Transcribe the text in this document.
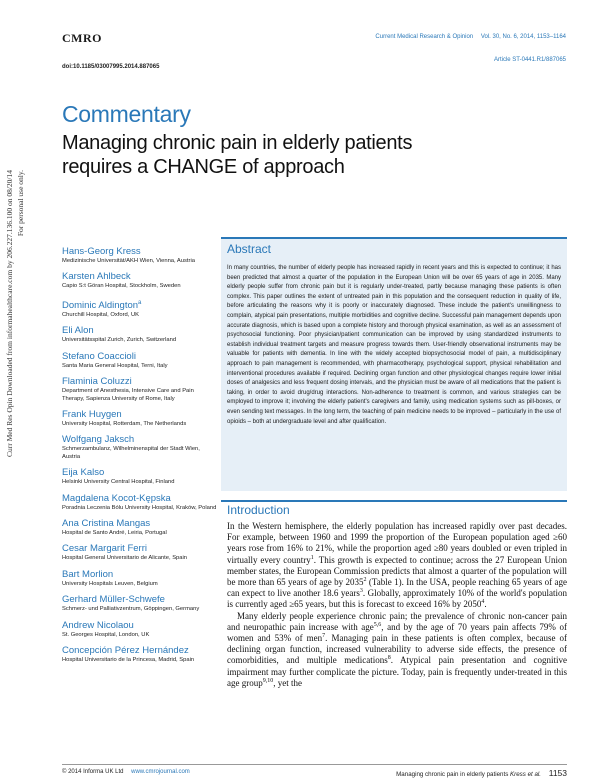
Curr Med Res Opin Downloaded from informahealthcare.com by 206.227.136.100 on 08/20/14 For personal use only.
CMRO	Current Medical Research & Opinion Vol. 30, No. 6, 2014, 1153–1164
Article ST-0441.R1/887065
doi:10.1185/03007995.2014.887065
Commentary
Managing chronic pain in elderly patients
requires a CHANGE of approach
Hans-Georg Kress
Medizinische Universität/AKH Wien, Vienna, Austria
Karsten Ahlbeck
Capio S:t Göran Hospital, Stockholm, Sweden
Dominic Aldington$^a$
Churchill Hospital, Oxford, UK
Eli Alon
Universitätsspital Zurich, Zurich, Switzerland
Stefano Coaccioli
Santa Maria General Hospital, Terni, Italy
Flaminia Coluzzi
Department of Anesthesia, Intensive Care and Pain Therapy, Sapienza University of Rome, Italy
Frank Huygen
University Hospital, Rotterdam, The Netherlands
Wolfgang Jaksch
Schmerzambulanz, Wilhelminenspital der Stadt Wien, Austria
Eija Kalso
Helsinki University Central Hospital, Finland
Magdalena Kocot-Kępska
Poradnia Leczenia Bólu University Hospital, Kraków, Poland
Ana Cristina Mangas
Hospital de Santo André, Leiria, Portugal
Cesar Margarit Ferri
Hospital General Universitario de Alicante, Spain
Bart Morlion
University Hospitals Leuven, Belgium
Gerhard Müller-Schwefe
Schmerz- und Palliativzentrum, Göppingen, Germany
Andrew Nicolaou
St. Georges Hospital, London, UK
Concepción Pérez Hernández
Hospital Universitario de la Princesa, Madrid, Spain
Abstract
In many countries, the number of elderly people has increased rapidly in recent years and this is expected to continue; it has been predicted that almost a quarter of the population in the European Union will be over 65 years of age in 2035. Many elderly people suffer from chronic pain but it is regularly under-treated, partly because managing these patients is often complex. This paper outlines the extent of untreated pain in this population and the consequent reduction in quality of life, before articulating the reasons why it is poorly or inaccurately diagnosed. These include the patient's unwillingness to complain, atypical pain presentations, multiple morbidities and cognitive decline. Successful pain management depends upon accurate diagnosis, which is based upon a complete history and thorough physical examination, as well as an assessment of psychosocial functioning. Poor physician/patient communication can be improved by using standardized instruments to establish individual treatment targets and measure progress towards them. User-friendly observational instruments may be valuable for patients with dementia. In line with the widely accepted biopsychosocial model of pain, a multidisciplinary approach to pain management is recommended, with pharmacotherapy, psychological support, physical rehabilitation and interventional procedures available if required. Declining organ function and other physiological changes require lower initial doses of analgesics and less frequent dosing intervals, and the physician must be aware of all medications that the patient is taking, in order to avoid drug/drug interactions. Non-adherence to treatment is common, and various strategies can be employed to improve it; involving the elderly patient's caregivers and family, using medication systems such as pill-boxes, or even sending text messages. In the long term, the teaching of pain medicine needs to be improved – particularly in the use of opioids – both at undergraduate level and after qualification.
Introduction

In the Western hemisphere, the elderly population has increased rapidly over past decades. For example, between 1960 and 1999 the proportion of the European population aged ≥60 years rose from 16% to 21%, while the proportion aged ≥80 years doubled or even tripled in virtually every country$^1$. This growth is expected to continue; across the 27 European Union member states, the European Commission predicts that almost a quarter of the population will be more than 65 years of age by 2035$^2$ (Table 1). In the USA, people reaching 65 years of age can expect to live another 18.6 years$^3$. Globally, approximately 10% of the world's population is currently aged ≥65 years, but this is forecast to exceed 16% by 2050$^4$.

Many elderly people experience chronic pain; the prevalence of chronic non-cancer pain and neuropathic pain increase with age$^{5,6}$, and by the age of 70 years pain affects 79% of women and 53% of men$^7$. Managing pain in these patients is often complex, because of declining organ function, increased vulnerability to adverse side effects, the presence of comorbidities, and multiple medications$^8$. Atypical pain presentation and cognitive impairment may further complicate the picture. Today, pain is frequently under-treated in this age group$^{9,10}$, yet the

© 2014 Informa UK Ltd www.cmrojournal.com	Managing chronic pain in elderly patients Kress et al. 1153
